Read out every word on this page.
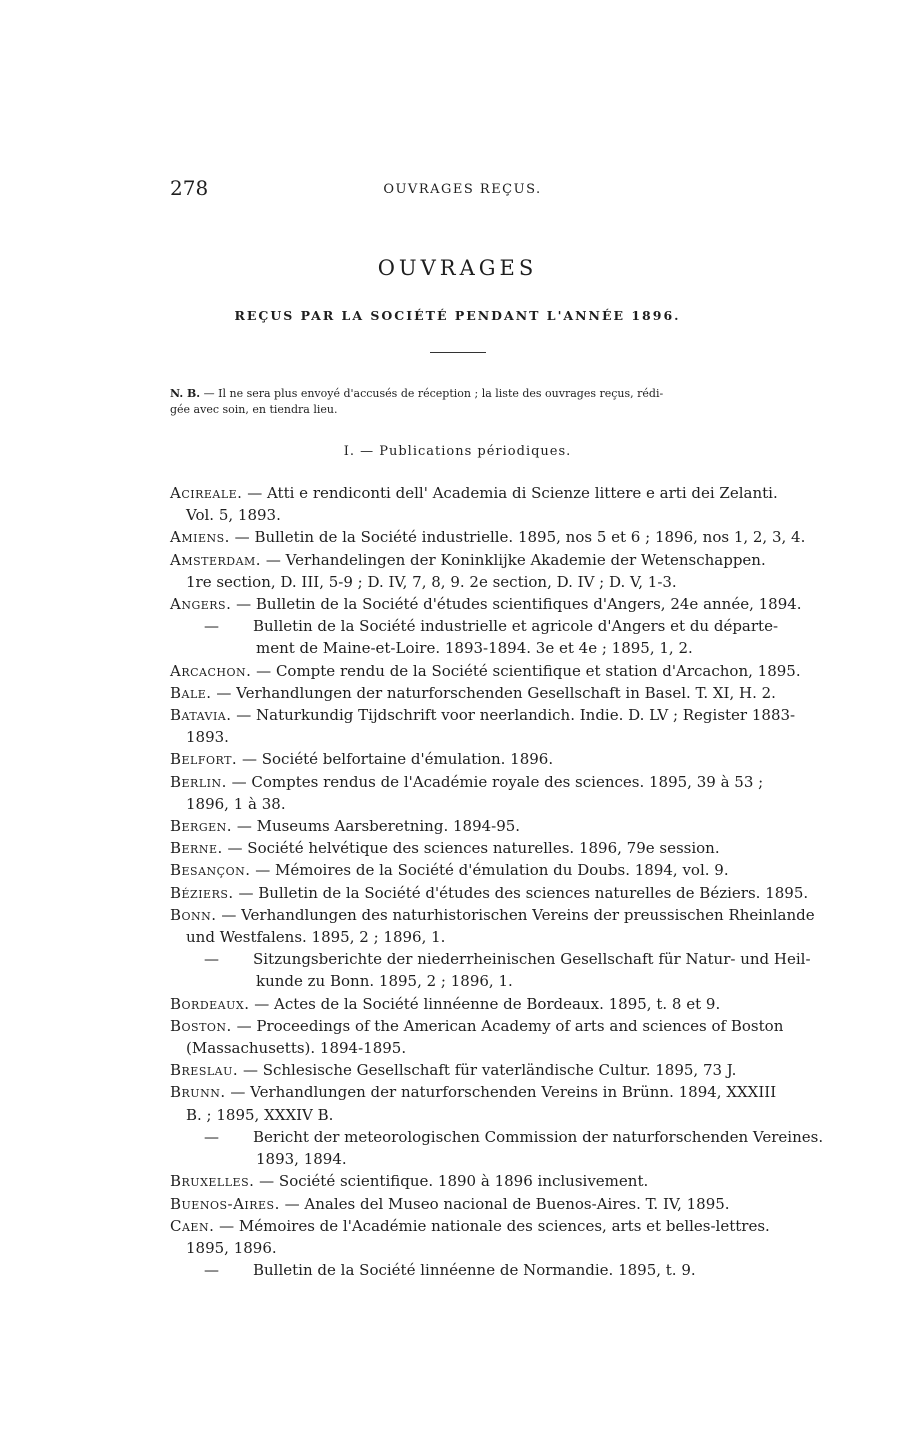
278	OUVRAGES REÇUS.
OUVRAGES
REÇUS PAR LA SOCIÉTÉ PENDANT L'ANNÉE 1896.
N. B. — Il ne sera plus envoyé d'accusés de réception ; la liste des ouvrages reçus, rédi-
gée avec soin, en tiendra lieu.
I. — Publications périodiques.
Acireale. — Atti e rendiconti dell' Academia di Scienze littere e arti dei Zelanti.
Vol. 5, 1893.
Amiens. — Bulletin de la Société industrielle. 1895, nos 5 et 6 ; 1896, nos 1, 2, 3, 4.
Amsterdam. — Verhandelingen der Koninklijke Akademie der Wetenschappen.
1re section, D. III, 5-9 ; D. IV, 7, 8, 9. 2e section, D. IV ; D. V, 1-3.
Angers. — Bulletin de la Société d'études scientifiques d'Angers, 24e année, 1894.
— Bulletin de la Société industrielle et agricole d'Angers et du départe-
ment de Maine-et-Loire. 1893-1894. 3e et 4e ; 1895, 1, 2.
Arcachon. — Compte rendu de la Société scientifique et station d'Arcachon, 1895.
Bale. — Verhandlungen der naturforschenden Gesellschaft in Basel. T. XI, H. 2.
Batavia. — Naturkundig Tijdschrift voor neerlandich. Indie. D. LV ; Register 1883-
1893.
Belfort. — Société belfortaine d'émulation. 1896.
Berlin. — Comptes rendus de l'Académie royale des sciences. 1895, 39 à 53 ;
1896, 1 à 38.
Bergen. — Museums Aarsberetning. 1894-95.
Berne. — Société helvétique des sciences naturelles. 1896, 79e session.
Besançon. — Mémoires de la Société d'émulation du Doubs. 1894, vol. 9.
Béziers. — Bulletin de la Société d'études des sciences naturelles de Béziers. 1895.
Bonn. — Verhandlungen des naturhistorischen Vereins der preussischen Rheinlande
und Westfalens. 1895, 2 ; 1896, 1.
— Sitzungsberichte der niederrheinischen Gesellschaft für Natur- und Heil-
kunde zu Bonn. 1895, 2 ; 1896, 1.
Bordeaux. — Actes de la Société linnéenne de Bordeaux. 1895, t. 8 et 9.
Boston. — Proceedings of the American Academy of arts and sciences of Boston
(Massachusetts). 1894-1895.
Breslau. — Schlesische Gesellschaft für vaterländische Cultur. 1895, 73 J.
Brunn. — Verhandlungen der naturforschenden Vereins in Brünn. 1894, XXXIII
B. ; 1895, XXXIV B.
— Bericht der meteorologischen Commission der naturforschenden Vereines.
1893, 1894.
Bruxelles. — Société scientifique. 1890 à 1896 inclusivement.
Buenos-Aires. — Anales del Museo nacional de Buenos-Aires. T. IV, 1895.
Caen. — Mémoires de l'Académie nationale des sciences, arts et belles-lettres.
1895, 1896.
— Bulletin de la Société linnéenne de Normandie. 1895, t. 9.
